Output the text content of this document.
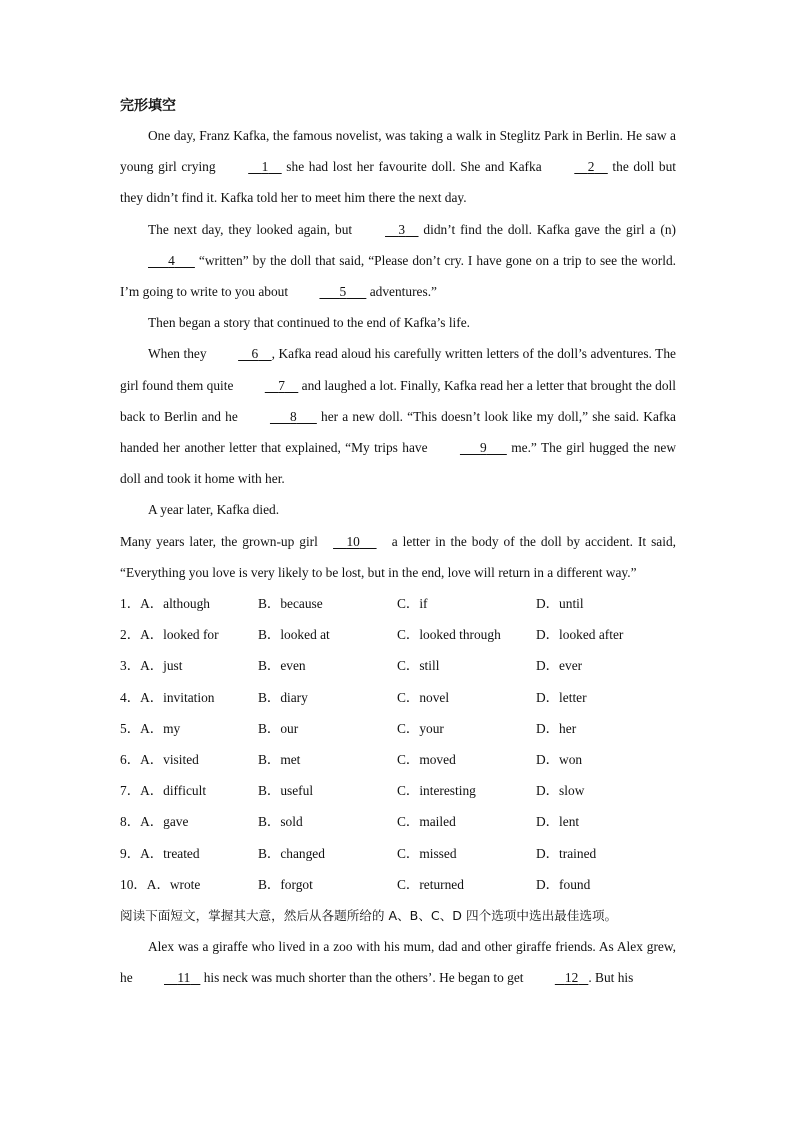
完形填空

One day, Franz Kafka, the famous novelist, was taking a walk in Steglitz Park in Berlin. He saw a young girl crying	1     she had lost her favourite doll. She and Kafka	2     the doll but they didn’t find it. Kafka told her to meet him there the next day.

The next day, they looked again, but	3     didn’t find the doll. Kafka gave the girl a (n)       4       “written” by the doll that said, “Please don’t cry. I have gone on a trip to see the world. I’m going to write to you about	5       adventures.”

Then began a story that continued to the end of Kafka’s life.

When they	6 , Kafka read aloud his carefully written letters of the doll’s adventures. The girl found them quite	7     and laughed a lot. Finally, Kafka read her a letter that brought the doll back to Berlin and he	8       her a new doll. “This doesn’t look like my doll,” she said. Kafka handed her another letter that explained, “My trips have	9       me.” The girl hugged the new doll and took it home with her.

A year later, Kafka died.

Many years later, the grown-up girl     10      a letter in the body of the doll by accident. It said, “Everything you love is very likely to be lost, but in the end, love will return in a different way.”

1．A．although	B．because	C．if	D．until
2．A．looked for	B．looked at	C．looked through	D．looked after
3．A．just	B．even	C．still	D．ever
4．A．invitation	B．diary	C．novel	D．letter
5．A．my	B．our	C．your	D．her
6．A．visited	B．met	C．moved	D．won
7．A．difficult	B．useful	C．interesting	D．slow
8．A．gave	B．sold	C．mailed	D．lent
9．A．treated	B．changed	C．missed	D．trained
10．A．wrote	B．forgot	C．returned	D．found

阅读下面短文，掌握其大意，然后从各题所给的 A、B、C、D 四个选项中选出最佳选项。

Alex was a giraffe who lived in a zoo with his mum, dad and other giraffe friends. As Alex grew, he	11    his neck was much shorter than the others’. He began to get	12 . But his
